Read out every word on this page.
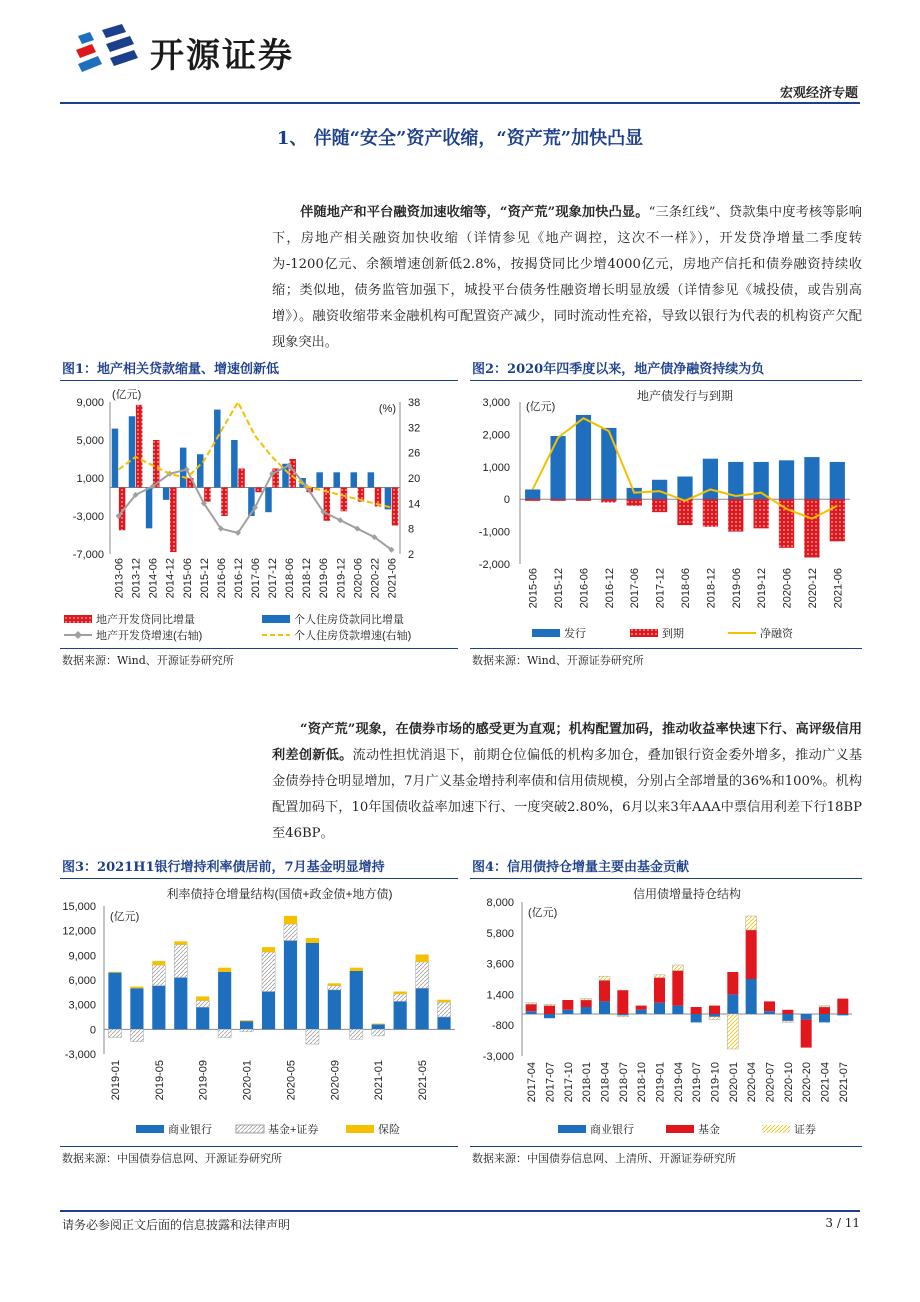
开源证券
宏观经济专题
1、 伴随“安全”资产收缩，“资产荒”加快凸显
伴随地产和平台融资加速收缩等，“资产荒”现象加快凸显。“三条红线”、贷款集中度考核等影响下，房地产相关融资加快收缩（详情参见《地产调控，这次不一样》），开发贷净增量二季度转为-1200亿元、余额增速创新低2.8%，按揭贷同比少增4000亿元，房地产信托和债券融资持续收缩；类似地，债务监管加强下，城投平台债务性融资增长明显放缓（详情参见《城投债，或告别高增》）。融资收缩带来金融机构可配置资产减少，同时流动性充裕，导致以银行为代表的机构资产欠配现象突出。
图1：地产相关贷款缩量、增速创新低	图2：2020年四季度以来，地产债净融资持续为负
(亿元)
(%)
9,000
5,000
1,000
-3,000
-7,000
38
32
26
20
14
8
2
2013-06 2013-12 2014-06 2014-12 2015-06 2015-12 2016-06 2016-12 2017-06 2017-12 2018-06 2018-12 2019-06 2019-12 2020-06 2020-22 2021-06
地产开发贷同比增量	个人住房贷款同比增量
地产开发贷增速(右轴)	个人住房贷款增速(右轴)
地产债发行与到期
(亿元)
3,000
2,000
1,000
0
-1,000
-2,000
2015-06 2015-12 2016-06 2016-12 2017-06 2017-12 2018-06 2018-12 2019-06 2019-12 2020-06 2020-12 2021-06
发行	到期	净融资
数据来源：Wind、开源证券研究所	数据来源：Wind、开源证券研究所
“资产荒”现象，在债券市场的感受更为直观；机构配置加码，推动收益率快速下行、高评级信用利差创新低。流动性担忧消退下，前期仓位偏低的机构多加仓，叠加银行资金委外增多，推动广义基金债券持仓明显增加，7月广义基金增持利率债和信用债规模，分别占全部增量的36%和100%。机构配置加码下，10年国债收益率加速下行、一度突破2.80%，6月以来3年AAA中票信用利差下行18BP至46BP。
图3：2021H1银行增持利率债居前，7月基金明显增持	图4：信用债持仓增量主要由基金贡献
利率债持仓增量结构(国债+政金债+地方债)
(亿元)
15,000
12,000
9,000
6,000
3,000
0
-3,000
2019-01	2019-05	2019-09	2020-01	2020-05	2020-09	2021-01	2021-05
商业银行	基金+证券	保险
信用债增量持仓结构
(亿元)
8,000
5,800
3,600
1,400
-800
-3,000
2017-04 2017-07 2017-10 2018-01 2018-04 2018-07 2018-10 2019-01 2019-04 2019-07 2019-10 2020-01 2020-04 2020-07 2020-10 2020-20 2021-04 2021-07
商业银行	基金	证券
数据来源：中国债券信息网、开源证券研究所	数据来源：中国债券信息网、上清所、开源证券研究所
请务必参阅正文后面的信息披露和法律声明	3 / 11
